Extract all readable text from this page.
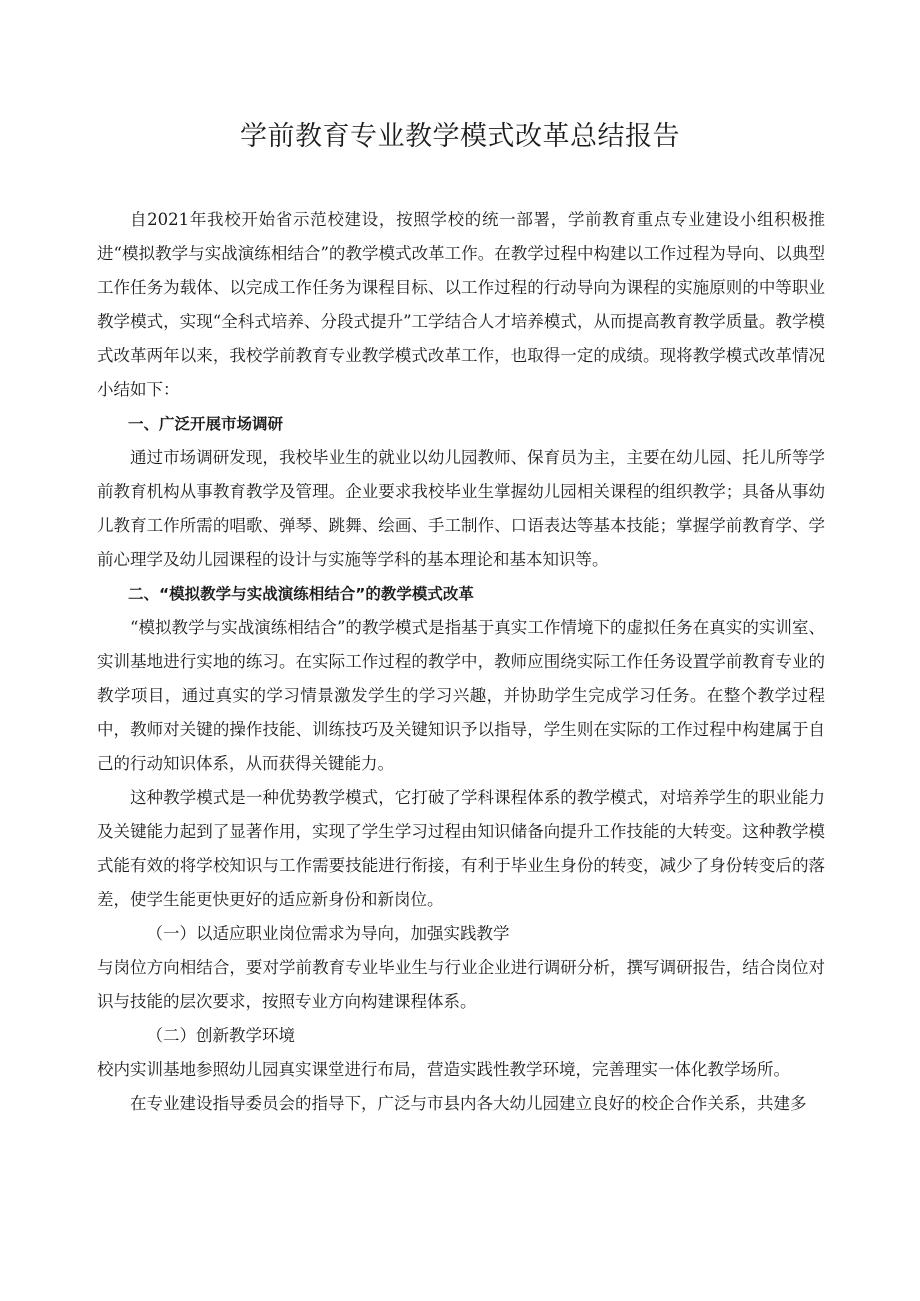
学前教育专业教学模式改革总结报告

自2021年我校开始省示范校建设，按照学校的统一部署，学前教育重点专业建设小组积极推进“模拟教学与实战演练相结合”的教学模式改革工作。在教学过程中构建以工作过程为导向、以典型工作任务为载体、以完成工作任务为课程目标、以工作过程的行动导向为课程的实施原则的中等职业教学模式，实现“全科式培养、分段式提升”工学结合人才培养模式，从而提高教育教学质量。教学模式改革两年以来，我校学前教育专业教学模式改革工作，也取得一定的成绩。现将教学模式改革情况小结如下：

一、广泛开展市场调研

通过市场调研发现，我校毕业生的就业以幼儿园教师、保育员为主，主要在幼儿园、托儿所等学前教育机构从事教育教学及管理。企业要求我校毕业生掌握幼儿园相关课程的组织教学；具备从事幼儿教育工作所需的唱歌、弹琴、跳舞、绘画、手工制作、口语表达等基本技能；掌握学前教育学、学前心理学及幼儿园课程的设计与实施等学科的基本理论和基本知识等。

二、“模拟教学与实战演练相结合”的教学模式改革

“模拟教学与实战演练相结合”的教学模式是指基于真实工作情境下的虚拟任务在真实的实训室、实训基地进行实地的练习。在实际工作过程的教学中，教师应围绕实际工作任务设置学前教育专业的教学项目，通过真实的学习情景激发学生的学习兴趣，并协助学生完成学习任务。在整个教学过程中，教师对关键的操作技能、训练技巧及关键知识予以指导，学生则在实际的工作过程中构建属于自己的行动知识体系，从而获得关键能力。

这种教学模式是一种优势教学模式，它打破了学科课程体系的教学模式，对培养学生的职业能力及关键能力起到了显著作用，实现了学生学习过程由知识储备向提升工作技能的大转变。这种教学模式能有效的将学校知识与工作需要技能进行衔接，有利于毕业生身份的转变，减少了身份转变后的落差，使学生能更快更好的适应新身份和新岗位。

（一）以适应职业岗位需求为导向，加强实践教学

与岗位方向相结合，要对学前教育专业毕业生与行业企业进行调研分析，撰写调研报告，结合岗位对识与技能的层次要求，按照专业方向构建课程体系。

（二）创新教学环境

校内实训基地参照幼儿园真实课堂进行布局，营造实践性教学环境，完善理实一体化教学场所。

在专业建设指导委员会的指导下，广泛与市县内各大幼儿园建立良好的校企合作关系，共建多
